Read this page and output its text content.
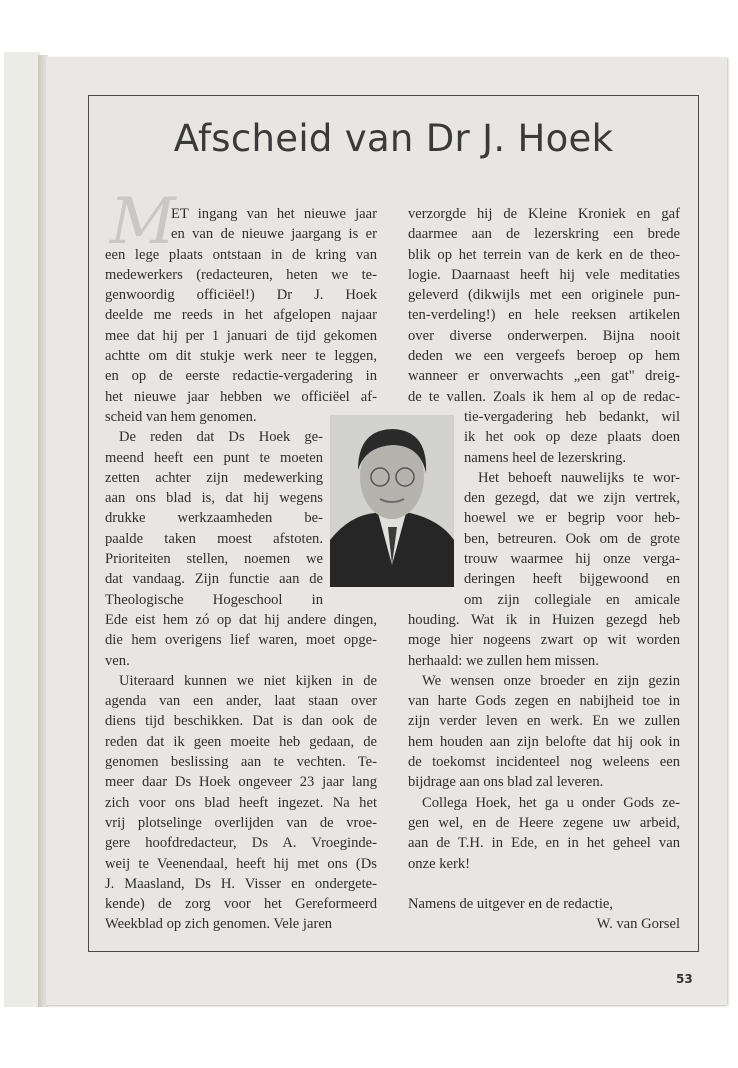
Afscheid van Dr J. Hoek
M
ET ingang van het nieuwe jaar
en van de nieuwe jaargang is er
een lege plaats ontstaan in de kring van
medewerkers (redacteuren, heten we te-
genwoordig officiëel!) Dr J. Hoek
deelde me reeds in het afgelopen najaar
mee dat hij per 1 januari de tijd gekomen
achtte om dit stukje werk neer te leggen,
en op de eerste redactie-vergadering in
het nieuwe jaar hebben we officiëel af-
scheid van hem genomen.
De reden dat Ds Hoek ge-
meend heeft een punt te moeten
zetten achter zijn medewerking
aan ons blad is, dat hij wegens
drukke werkzaamheden be-
paalde taken moest afstoten.
Prioriteiten stellen, noemen we
dat vandaag. Zijn functie aan de
Theologische Hogeschool in
Ede eist hem zó op dat hij andere dingen,
die hem overigens lief waren, moet opge-
ven.
Uiteraard kunnen we niet kijken in de
agenda van een ander, laat staan over
diens tijd beschikken. Dat is dan ook de
reden dat ik geen moeite heb gedaan, de
genomen beslissing aan te vechten. Te-
meer daar Ds Hoek ongeveer 23 jaar lang
zich voor ons blad heeft ingezet. Na het
vrij plotselinge overlijden van de vroe-
gere hoofdredacteur, Ds A. Vroeginde-
weij te Veenendaal, heeft hij met ons (Ds
J. Maasland, Ds H. Visser en ondergete-
kende) de zorg voor het Gereformeerd
Weekblad op zich genomen. Vele jaren
verzorgde hij de Kleine Kroniek en gaf
daarmee aan de lezerskring een brede
blik op het terrein van de kerk en de theo-
logie. Daarnaast heeft hij vele meditaties
geleverd (dikwijls met een originele pun-
ten-verdeling!) en hele reeksen artikelen
over diverse onderwerpen. Bijna nooit
deden we een vergeefs beroep op hem
wanneer er onverwachts „een gat" dreig-
de te vallen. Zoals ik hem al op de redac-
tie-vergadering heb bedankt, wil
ik het ook op deze plaats doen
namens heel de lezerskring.
Het behoeft nauwelijks te wor-
den gezegd, dat we zijn vertrek,
hoewel we er begrip voor heb-
ben, betreuren. Ook om de grote
trouw waarmee hij onze verga-
deringen heeft bijgewoond en
om zijn collegiale en amicale
houding. Wat ik in Huizen gezegd heb
moge hier nogeens zwart op wit worden
herhaald: we zullen hem missen.
We wensen onze broeder en zijn gezin
van harte Gods zegen en nabijheid toe in
zijn verder leven en werk. En we zullen
hem houden aan zijn belofte dat hij ook in
de toekomst incidenteel nog weleens een
bijdrage aan ons blad zal leveren.
Collega Hoek, het ga u onder Gods ze-
gen wel, en de Heere zegene uw arbeid,
aan de T.H. in Ede, en in het geheel van
onze kerk!
Namens de uitgever en de redactie,
W. van Gorsel
53
